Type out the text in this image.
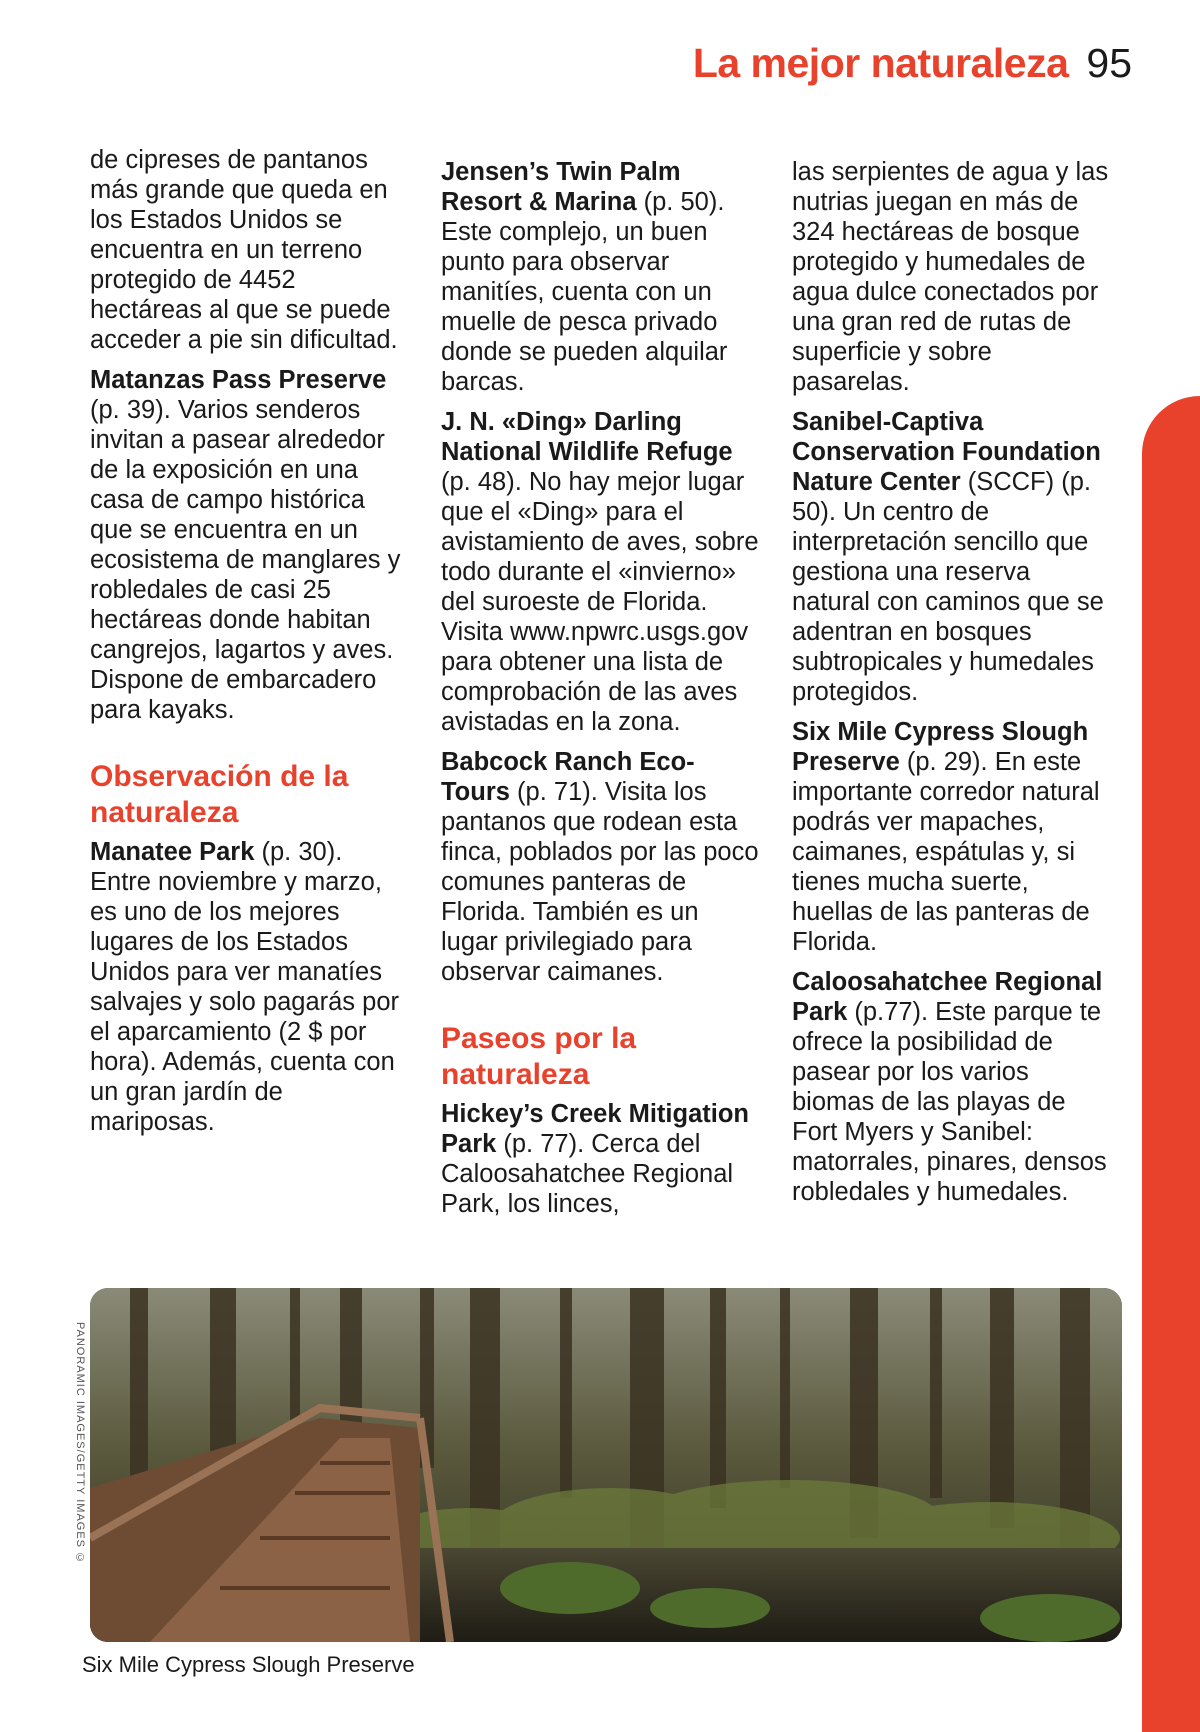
La mejor naturaleza 95

de cipreses de pantanos más grande que queda en los Estados Unidos se encuentra en un terreno protegido de 4452 hectáreas al que se puede acceder a pie sin dificultad.

Matanzas Pass Preserve (p. 39). Varios senderos invitan a pasear alrededor de la exposición en una casa de campo histórica que se encuentra en un ecosistema de manglares y robledales de casi 25 hectáreas donde habitan cangrejos, lagartos y aves. Dispone de embarcadero para kayaks.

Observación de la naturaleza

Manatee Park (p. 30). Entre noviembre y marzo, es uno de los mejores lugares de los Estados Unidos para ver manatíes salvajes y solo pagarás por el aparcamiento (2 $ por hora). Además, cuenta con un gran jardín de mariposas.

Jensen’s Twin Palm Resort & Marina (p. 50). Este complejo, un buen punto para observar manitíes, cuenta con un muelle de pesca privado donde se pueden alquilar barcas.

J. N. «Ding» Darling National Wildlife Refuge (p. 48). No hay mejor lugar que el «Ding» para el avistamiento de aves, sobre todo durante el «invierno» del suroeste de Florida. Visita www.npwrc.usgs.gov para obtener una lista de comprobación de las aves avistadas en la zona.

Babcock Ranch Eco-Tours (p. 71). Visita los pantanos que rodean esta finca, poblados por las poco comunes panteras de Florida. También es un lugar privilegiado para observar caimanes.

Paseos por la naturaleza

Hickey’s Creek Mitigation Park (p. 77). Cerca del Caloosahatchee Regional Park, los linces,

las serpientes de agua y las nutrias juegan en más de 324 hectáreas de bosque protegido y humedales de agua dulce conectados por una gran red de rutas de superficie y sobre pasarelas.

Sanibel-Captiva Conservation Foundation Nature Center (SCCF) (p. 50). Un centro de interpretación sencillo que gestiona una reserva natural con caminos que se adentran en bosques subtropicales y humedales protegidos.

Six Mile Cypress Slough Preserve (p. 29). En este importante corredor natural podrás ver mapaches, caimanes, espátulas y, si tienes mucha suerte, huellas de las panteras de Florida.

Caloosahatchee Regional Park (p.77). Este parque te ofrece la posibilidad de pasear por los varios biomas de las playas de Fort Myers y Sanibel: matorrales, pinares, densos robledales y humedales.

PANORAMIC IMAGES/GETTY IMAGES ©
Six Mile Cypress Slough Preserve
